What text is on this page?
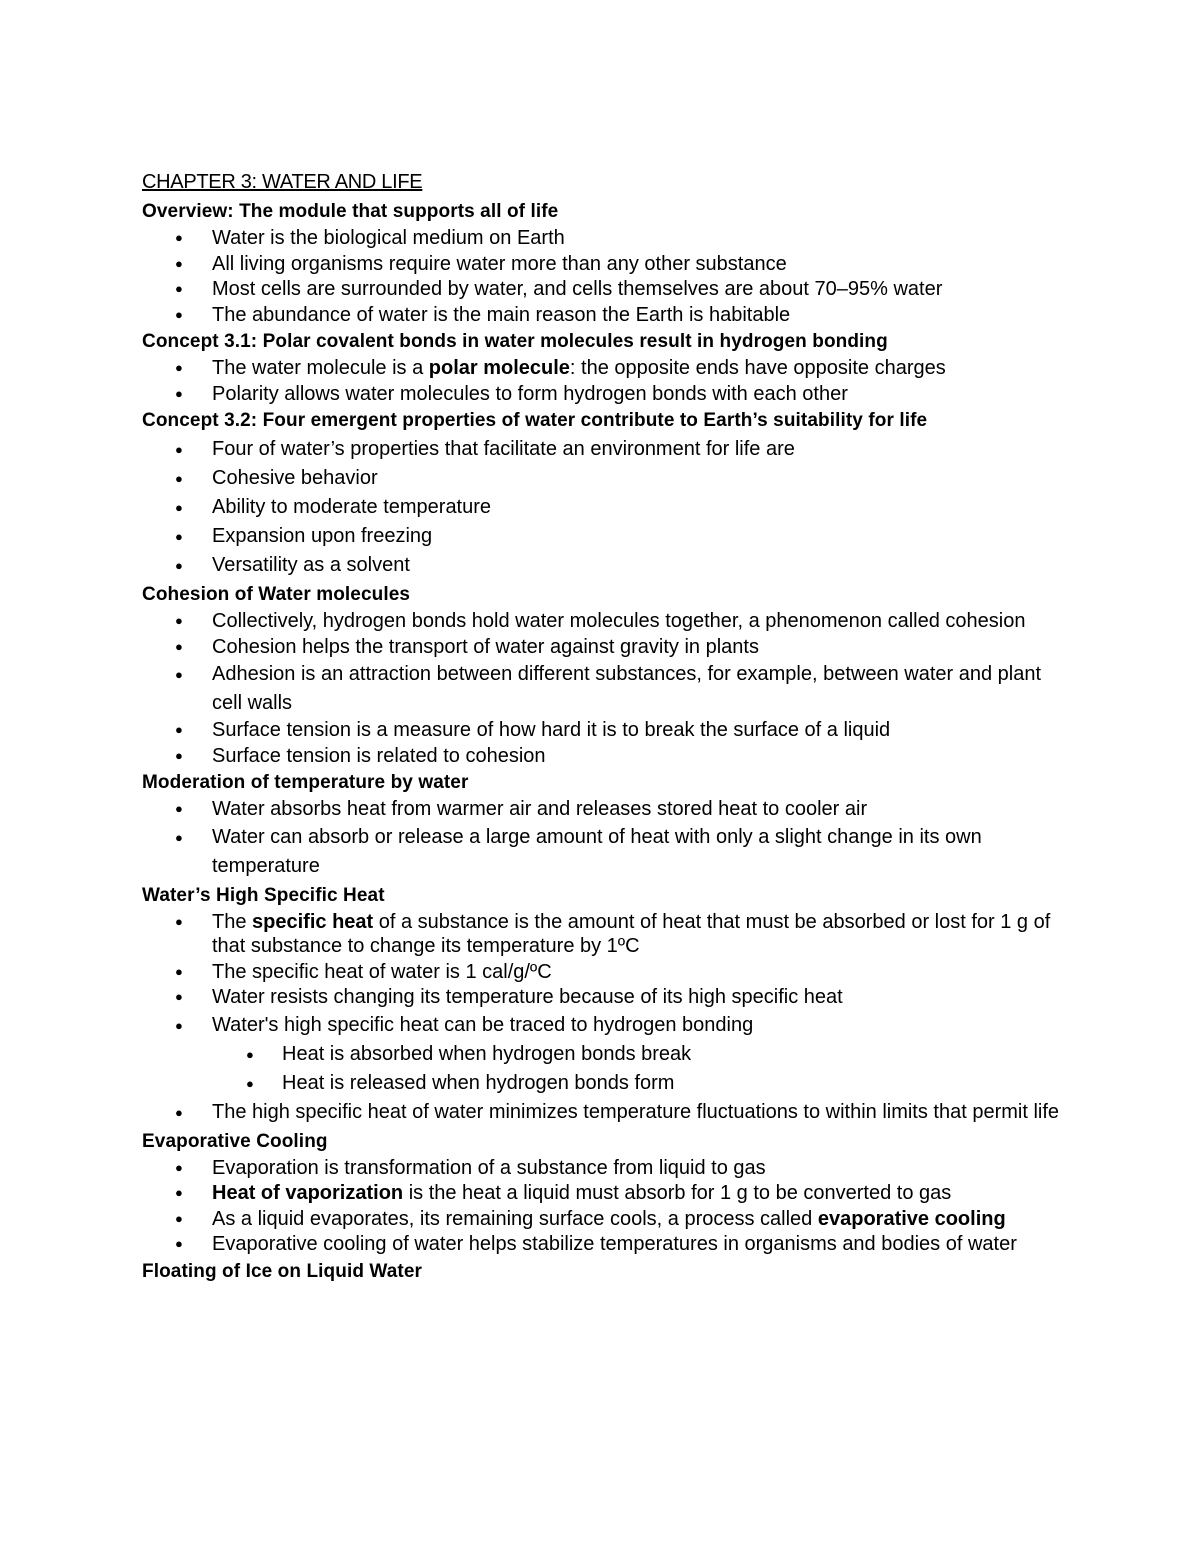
CHAPTER 3: WATER AND LIFE
Overview: The module that supports all of life
● Water is the biological medium on Earth
● All living organisms require water more than any other substance
● Most cells are surrounded by water, and cells themselves are about 70–95% water
● The abundance of water is the main reason the Earth is habitable
Concept 3.1: Polar covalent bonds in water molecules result in hydrogen bonding
● The water molecule is a polar molecule: the opposite ends have opposite charges
● Polarity allows water molecules to form hydrogen bonds with each other
Concept 3.2: Four emergent properties of water contribute to Earth’s suitability for life
● Four of water’s properties that facilitate an environment for life are
● Cohesive behavior
● Ability to moderate temperature
● Expansion upon freezing
● Versatility as a solvent
Cohesion of Water molecules
● Collectively, hydrogen bonds hold water molecules together, a phenomenon called cohesion
● Cohesion helps the transport of water against gravity in plants
● Adhesion is an attraction between different substances, for example, between water and plant cell walls
● Surface tension is a measure of how hard it is to break the surface of a liquid
● Surface tension is related to cohesion
Moderation of temperature by water
● Water absorbs heat from warmer air and releases stored heat to cooler air
● Water can absorb or release a large amount of heat with only a slight change in its own temperature
Water’s High Specific Heat
● The specific heat of a substance is the amount of heat that must be absorbed or lost for 1 g of that substance to change its temperature by 1ºC
● The specific heat of water is 1 cal/g/ºC
● Water resists changing its temperature because of its high specific heat
● Water's high specific heat can be traced to hydrogen bonding
● Heat is absorbed when hydrogen bonds break
● Heat is released when hydrogen bonds form
● The high specific heat of water minimizes temperature fluctuations to within limits that permit life
Evaporative Cooling
● Evaporation is transformation of a substance from liquid to gas
● Heat of vaporization is the heat a liquid must absorb for 1 g to be converted to gas
● As a liquid evaporates, its remaining surface cools, a process called evaporative cooling
● Evaporative cooling of water helps stabilize temperatures in organisms and bodies of water
Floating of Ice on Liquid Water
